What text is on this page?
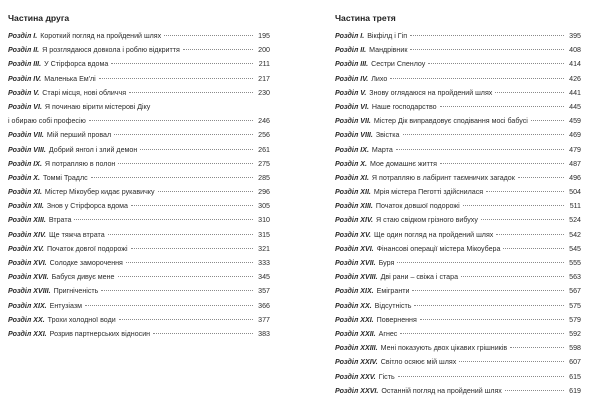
Частина друга
Розділ I. Короткий погляд на пройдений шлях	195
Розділ II. Я розглядаюся довкола і роблю відкриття	200
Розділ III. У Стірфорса вдома	211
Розділ IV. Маленька Ем'лі	217
Розділ V. Старі місця, нові обличчя	230
Розділ VI. Я починаю вірити містерові Діку
і обираю собі професію	246
Розділ VII. Мій перший провал	256
Розділ VIII. Добрий янгол і злий демон	261
Розділ IX. Я потрапляю в полон	275
Розділ X. Томмі Традлс	285
Розділ XI. Містер Мікоубер кидає рукавичку	296
Розділ XII. Знов у Стірфорса вдома	305
Розділ XIII. Втрата	310
Розділ XIV. Ще тяжча втрата	315
Розділ XV. Початок довгої подорожі	321
Розділ XVI. Солодке заморочення	333
Розділ XVII. Бабуся дивує мене	345
Розділ XVIII. Пригніченість	357
Розділ XIX. Ентузіазм	366
Розділ XX. Трохи холодної води	377
Розділ XXI. Розрив партнерських відносин	383
Частина третя
Розділ I. Вікфілд і Гіп	395
Розділ II. Мандрівник	408
Розділ III. Сестри Спенлоу	414
Розділ IV. Лихо	426
Розділ V. Знову оглядаюся на пройдений шлях	441
Розділ VI. Наше господарство	445
Розділ VII. Містер Дік виправдовує сподівання мосі бабусі	459
Розділ VIII. Звістка	469
Розділ IX. Марта	479
Розділ X. Мое домашнє життя	487
Розділ XI. Я потрапляю в лабіринт таємничих загадок	496
Розділ XII. Мрія містера Пеготті здійснилася	504
Розділ XIII. Початок довшої подорожі	511
Розділ XIV. Я стаю свідком грізного вибуху	524
Розділ XV. Ще один погляд на пройдений шлях	542
Розділ XVI. Фінансові операції містера Мікоубера	545
Розділ XVII. Буря	555
Розділ XVIII. Дві рани – свіжа і стара	563
Розділ XIX. Емігранти	567
Розділ XX. Відсутність	575
Розділ XXI. Повернення	579
Розділ XXII. Агнес	592
Розділ XXIII. Мені показують двох цікавих грішників	598
Розділ XXIV. Світло осяює мій шлях	607
Розділ XXV. Гість	615
Розділ XXVI. Останній погляд на пройдений шлях	619
